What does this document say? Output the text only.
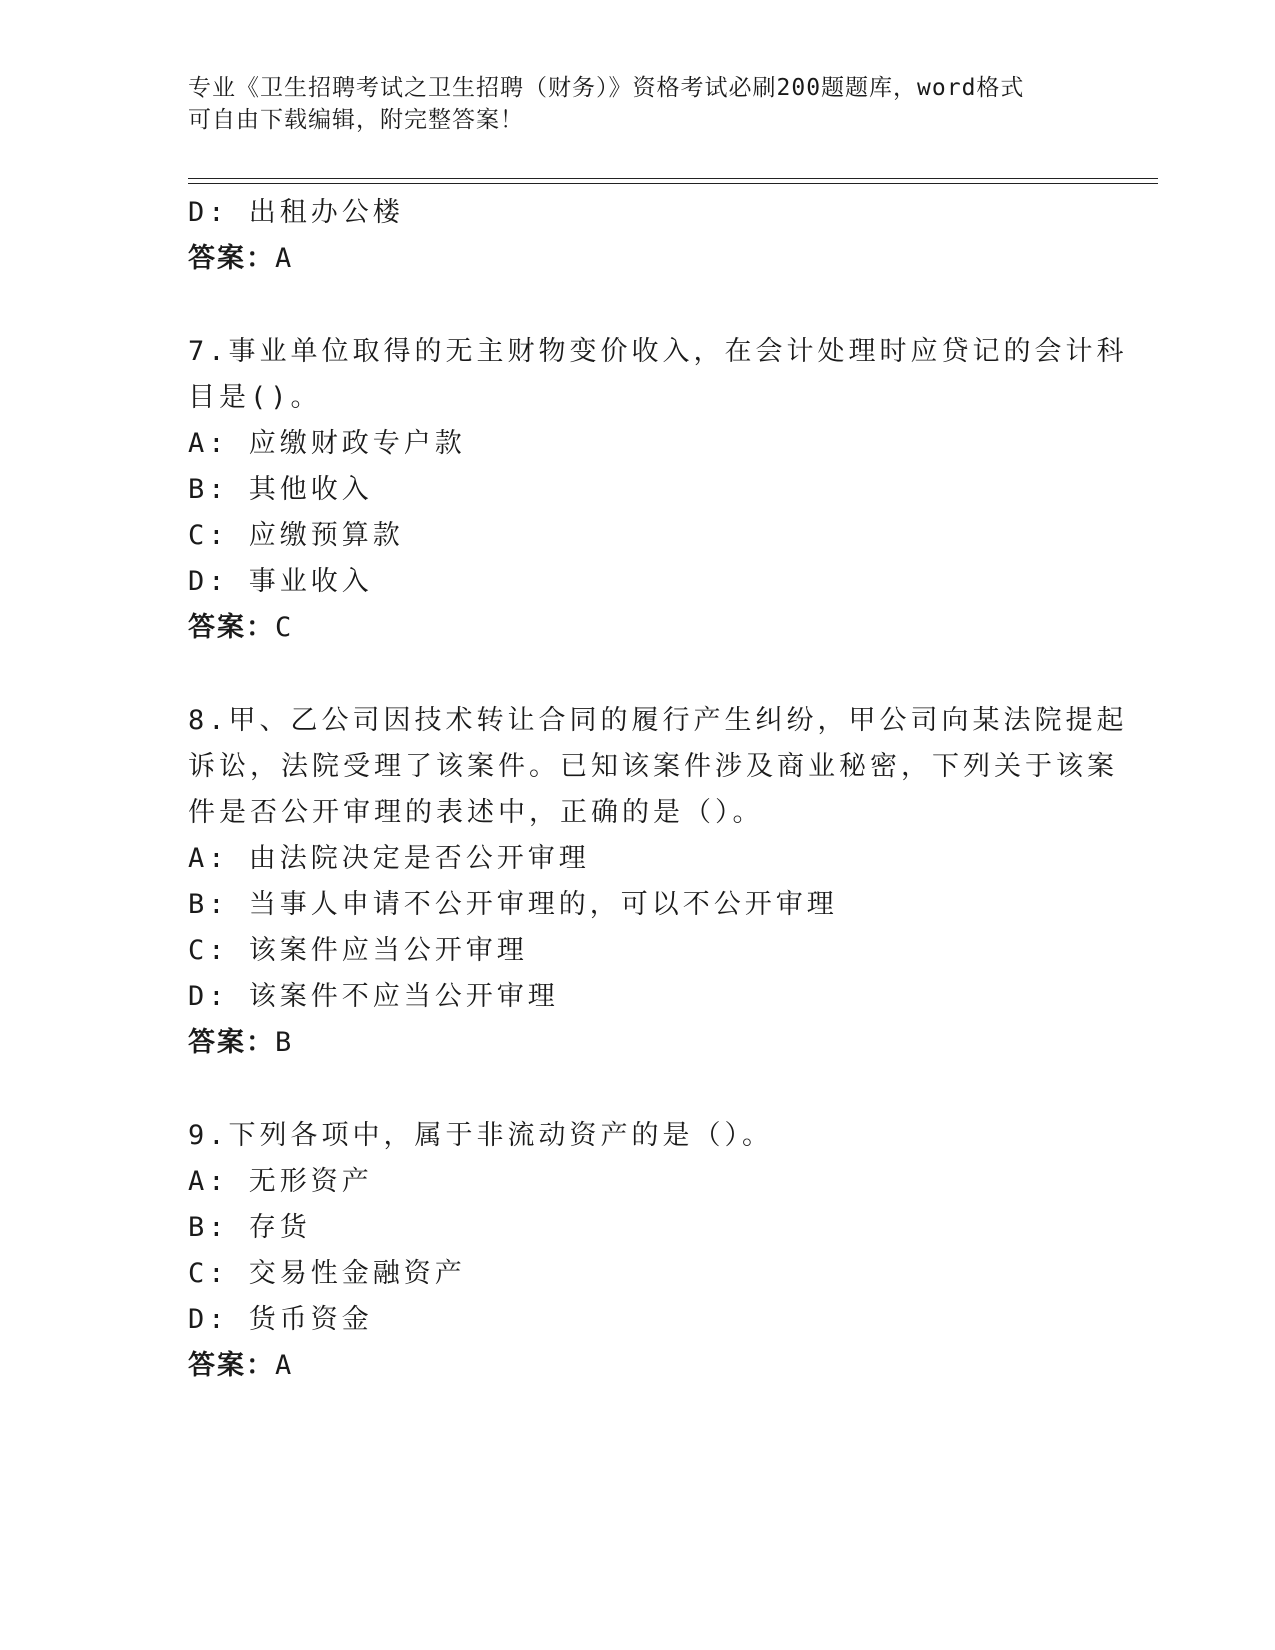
专业《卫生招聘考试之卫生招聘（财务）》资格考试必刷200题题库，word格式
可自由下载编辑，附完整答案！
D: 出租办公楼
答案：A
7.事业单位取得的无主财物变价收入，在会计处理时应贷记的会计科
目是()。
A: 应缴财政专户款
B: 其他收入
C: 应缴预算款
D: 事业收入
答案：C
8.甲、乙公司因技术转让合同的履行产生纠纷，甲公司向某法院提起
诉讼，法院受理了该案件。已知该案件涉及商业秘密，下列关于该案
件是否公开审理的表述中，正确的是（）。
A: 由法院决定是否公开审理
B: 当事人申请不公开审理的，可以不公开审理
C: 该案件应当公开审理
D: 该案件不应当公开审理
答案：B
9.下列各项中，属于非流动资产的是（）。
A: 无形资产
B: 存货
C: 交易性金融资产
D: 货币资金
答案：A
